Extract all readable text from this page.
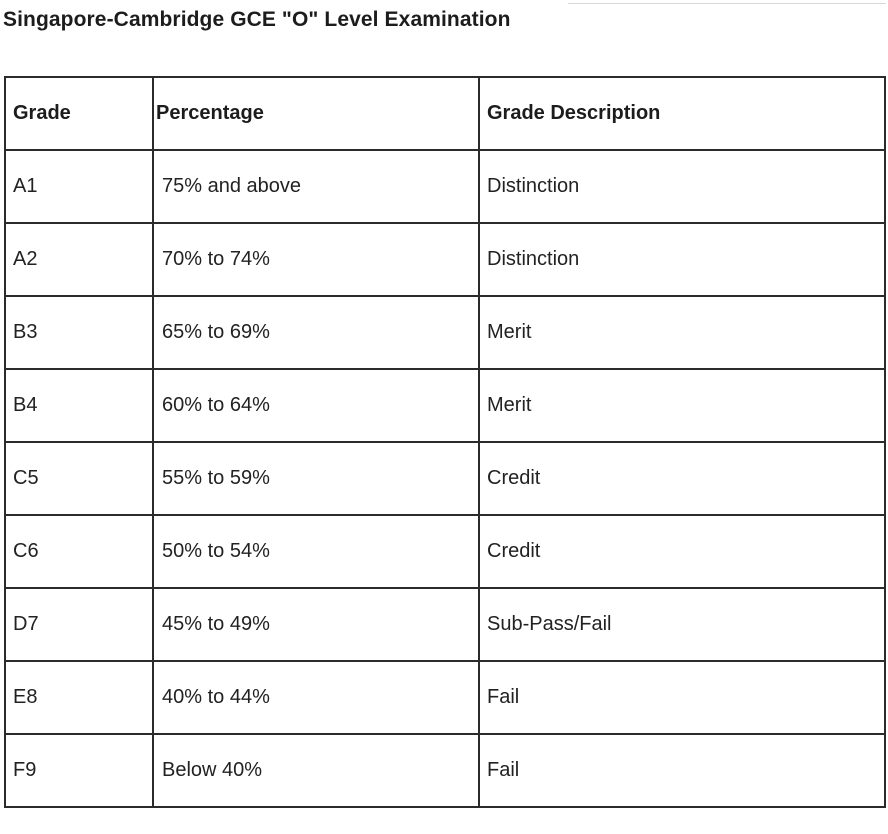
Singapore-Cambridge GCE "O" Level Examination
Grade	Percentage	Grade Description
A1	75% and above	Distinction
A2	70% to 74%	Distinction
B3	65% to 69%	Merit
B4	60% to 64%	Merit
C5	55% to 59%	Credit
C6	50% to 54%	Credit
D7	45% to 49%	Sub-Pass/Fail
E8	40% to 44%	Fail
F9	Below 40%	Fail
